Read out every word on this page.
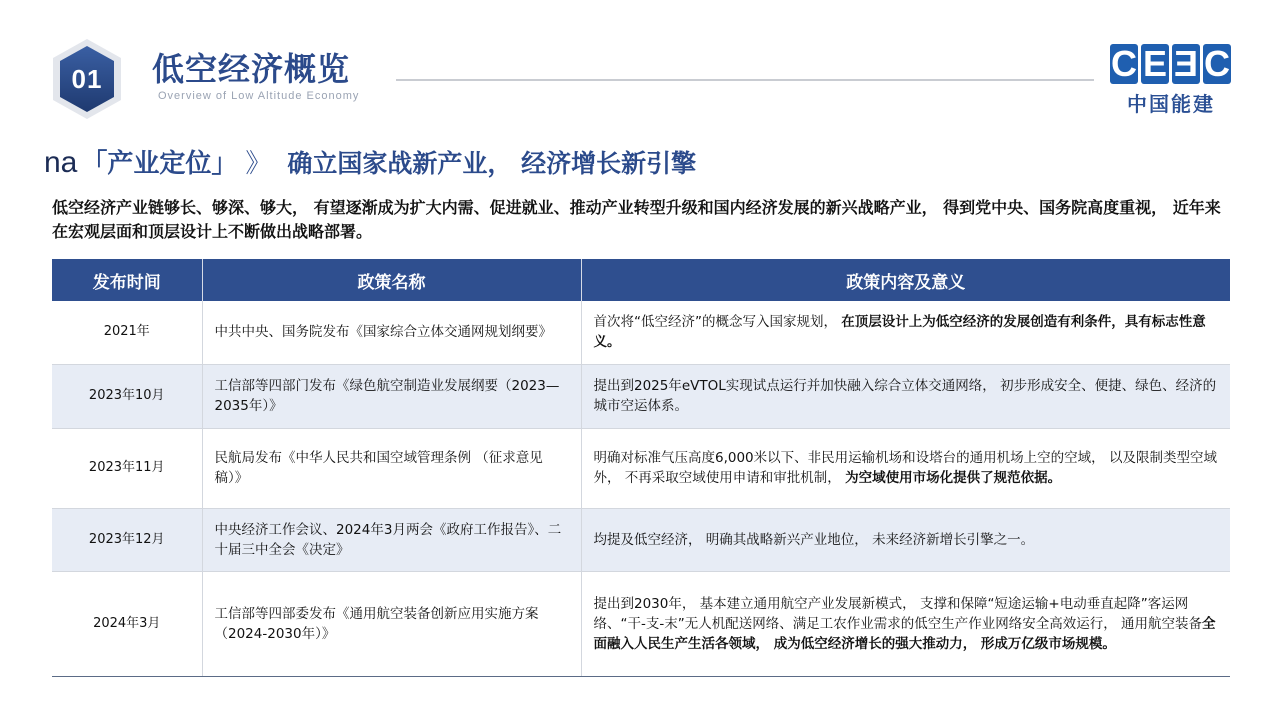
01	低空经济概览
Overview of Low Altitude Economy
C E E C
中国能建
na 「产业定位」 》 确立国家战新产业， 经济增长新引擎
低空经济产业链够长、够深、够大， 有望逐渐成为扩大内需、促进就业、推动产业转型升级和国内经济发展的新兴战略产业， 得到党中央、国务院高度重视， 近年来在宏观层面和顶层设计上不断做出战略部署。
发布时间	政策名称	政策内容及意义
2021年	中共中央、国务院发布《国家综合立体交通网规划纲要》	首次将“低空经济”的概念写入国家规划， 在顶层设计上为低空经济的发展创造有利条件，具有标志性意义。
2023年10月	工信部等四部门发布《绿色航空制造业发展纲要（2023—2035年）》	提出到2025年eVTOL实现试点运行并加快融入综合立体交通网络， 初步形成安全、便捷、绿色、经济的城市空运体系。
2023年11月	民航局发布《中华人民共和国空域管理条例 （征求意见稿）》	明确对标准气压高度6,000米以下、非民用运输机场和设塔台的通用机场上空的空域， 以及限制类型空域外， 不再采取空域使用申请和审批机制， 为空域使用市场化提供了规范依据。
2023年12月	中央经济工作会议、2024年3月两会《政府工作报告》、二十届三中全会《决定》	均提及低空经济， 明确其战略新兴产业地位， 未来经济新增长引擎之一。
2024年3月	工信部等四部委发布《通用航空装备创新应用实施方案 （2024-2030年）》	提出到2030年， 基本建立通用航空产业发展新模式， 支撑和保障“短途运输+电动垂直起降”客运网络、“干-支-末”无人机配送网络、满足工农作业需求的低空生产作业网络安全高效运行， 通用航空装备全面融入人民生产生活各领域， 成为低空经济增长的强大推动力， 形成万亿级市场规模。
